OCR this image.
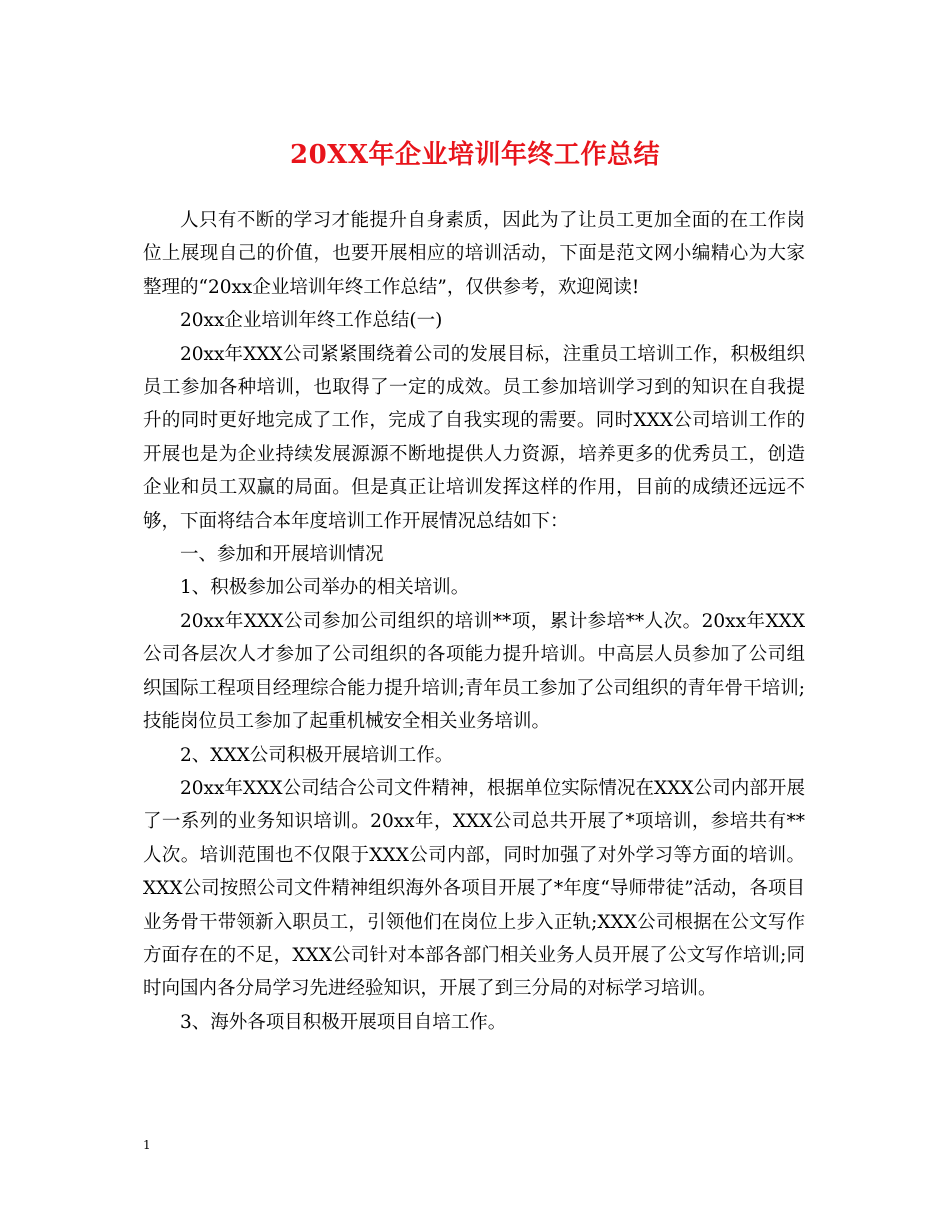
20XX年企业培训年终工作总结

人只有不断的学习才能提升自身素质，因此为了让员工更加全面的在工作岗位上展现自己的价值，也要开展相应的培训活动，下面是范文网小编精心为大家整理的“20xx企业培训年终工作总结”，仅供参考，欢迎阅读!

20xx企业培训年终工作总结(一)

20xx年XXX公司紧紧围绕着公司的发展目标，注重员工培训工作，积极组织员工参加各种培训，也取得了一定的成效。员工参加培训学习到的知识在自我提升的同时更好地完成了工作，完成了自我实现的需要。同时XXX公司培训工作的开展也是为企业持续发展源源不断地提供人力资源，培养更多的优秀员工，创造企业和员工双赢的局面。但是真正让培训发挥这样的作用，目前的成绩还远远不够，下面将结合本年度培训工作开展情况总结如下：

一、参加和开展培训情况

1、积极参加公司举办的相关培训。

20xx年XXX公司参加公司组织的培训**项，累计参培**人次。20xx年XXX公司各层次人才参加了公司组织的各项能力提升培训。中高层人员参加了公司组织国际工程项目经理综合能力提升培训;青年员工参加了公司组织的青年骨干培训;技能岗位员工参加了起重机械安全相关业务培训。

2、XXX公司积极开展培训工作。

20xx年XXX公司结合公司文件精神，根据单位实际情况在XXX公司内部开展了一系列的业务知识培训。20xx年，XXX公司总共开展了*项培训，参培共有**人次。培训范围也不仅限于XXX公司内部，同时加强了对外学习等方面的培训。XXX公司按照公司文件精神组织海外各项目开展了*年度“导师带徒”活动，各项目业务骨干带领新入职员工，引领他们在岗位上步入正轨;XXX公司根据在公文写作方面存在的不足，XXX公司针对本部各部门相关业务人员开展了公文写作培训;同时向国内各分局学习先进经验知识，开展了到三分局的对标学习培训。

3、海外各项目积极开展项目自培工作。

1
